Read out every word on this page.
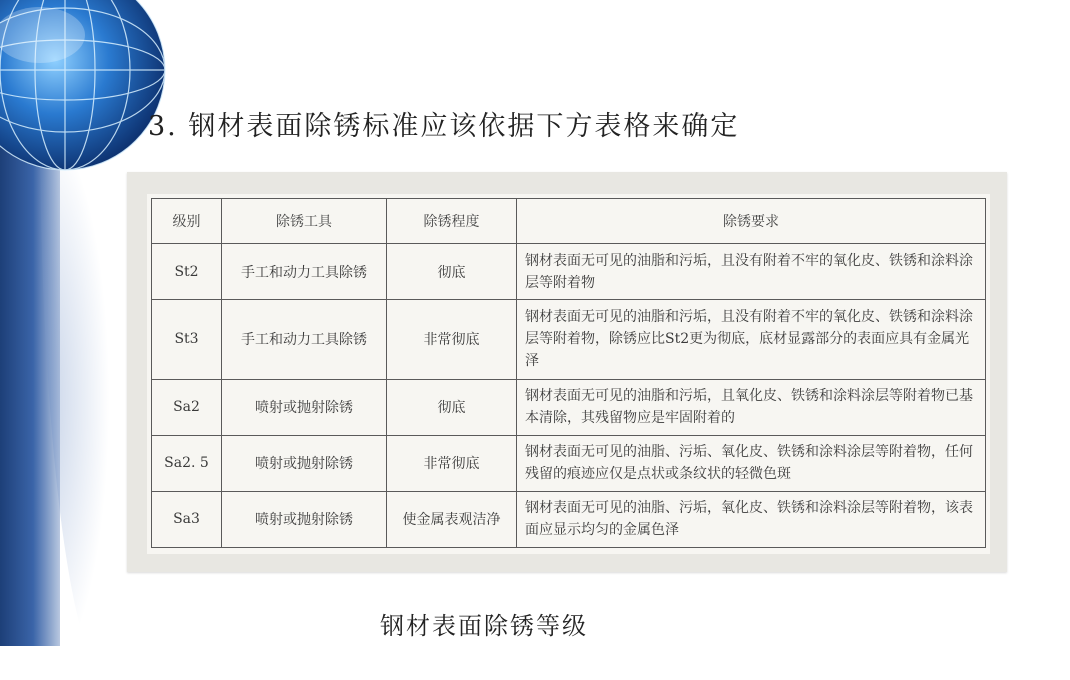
3. 钢材表面除锈标准应该依据下方表格来确定
级别	除锈工具	除锈程度	除锈要求
St2	手工和动力工具除锈	彻底	钢材表面无可见的油脂和污垢，且没有附着不牢的氧化皮、铁锈和涂料涂层等附着物
St3	手工和动力工具除锈	非常彻底	钢材表面无可见的油脂和污垢，且没有附着不牢的氧化皮、铁锈和涂料涂层等附着物，除锈应比St2更为彻底，底材显露部分的表面应具有金属光泽
Sa2	喷射或抛射除锈	彻底	钢材表面无可见的油脂和污垢，且氧化皮、铁锈和涂料涂层等附着物已基本清除，其残留物应是牢固附着的
Sa2. 5	喷射或抛射除锈	非常彻底	钢材表面无可见的油脂、污垢、氧化皮、铁锈和涂料涂层等附着物，任何残留的痕迹应仅是点状或条纹状的轻微色斑
Sa3	喷射或抛射除锈	使金属表观洁净	钢材表面无可见的油脂、污垢，氧化皮、铁锈和涂料涂层等附着物，该表面应显示均匀的金属色泽
钢材表面除锈等级
